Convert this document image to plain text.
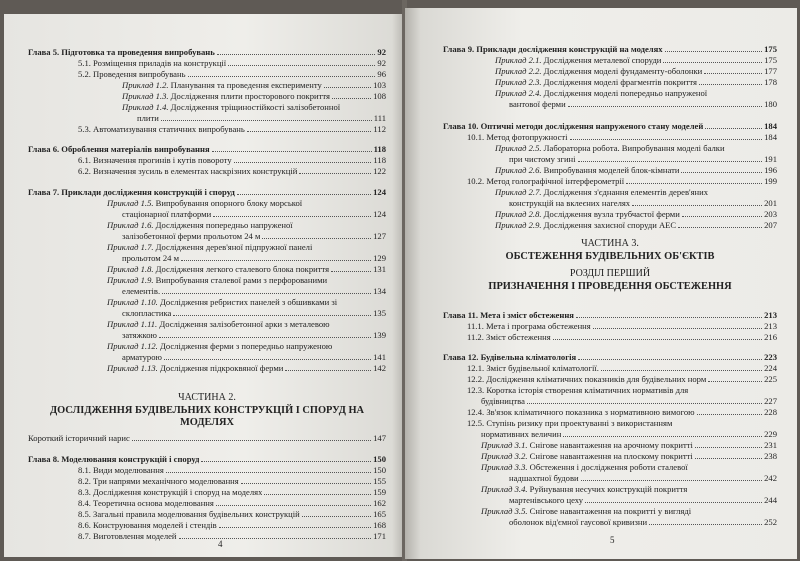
Глава 5. Підготовка та проведення випробувань	92
5.1. Розміщення приладів на конструкції	92
5.2. Проведення випробувань	96
Приклад 1.2. Планування та проведення експерименту	103
Приклад 1.3. Дослідження плити просторового покриття	108
Приклад 1.4. Дослідження тріщиностійкості залізобетонної
плити	111
5.3. Автоматизування статичних випробувань	112
Глава 6. Оброблення матеріалів випробування	118
6.1. Визначення прогинів і кутів повороту	118
6.2. Визначення зусиль в елементах наскрізних конструкцій	122
Глава 7. Приклади дослідження конструкцій і споруд	124
Приклад 1.5. Випробування опорного блоку морської
стаціонарної платформи	124
Приклад 1.6. Дослідження попередньо напруженої
залізобетонної ферми прольотом 24 м	127
Приклад 1.7. Дослідження дерев'яної підпружної панелі
прольотом 24 м	129
Приклад 1.8. Дослідження легкого сталевого блока покриття	131
Приклад 1.9. Випробування сталевої рами з перфорованими
елементів.	134
Приклад 1.10. Дослідження ребристих панелей з обшивками зі
склопластика	135
Приклад 1.11. Дослідження залізобетонної арки з металевою
затяжкою	139
Приклад 1.12. Дослідження ферми з попередньо напруженою
арматурою	141
Приклад 1.13. Дослідження підкроквяної ферми	142
Короткий історичний нарис	147
Глава 8. Моделювання конструкцій і споруд	150
8.1. Види моделювання	150
8.2. Три напрями механічного моделювання	155
8.3. Дослідження конструкцій і споруд на моделях	159
8.4. Теоретична основа моделювання	162
8.5. Загальні правила моделювання будівельних конструкцій	165
8.6. Конструювання моделей і стендів	168
8.7. Виготовлення моделей	171
ЧАСТИНА 2.
ДОСЛІДЖЕННЯ БУДІВЕЛЬНИХ КОНСТРУКЦІЙ І СПОРУД НА
МОДЕЛЯХ
4
Глава 9. Приклади дослідження конструкцій на моделях	175
Приклад 2.1. Дослідження металевої споруди	175
Приклад 2.2. Дослідження моделі фундаменту-оболонки	177
Приклад 2.3. Дослідження моделі фрагментів покриття	178
Приклад 2.4. Дослідження моделі попередньо напруженої
вантової ферми	180
Глава 10. Оптичні методи дослідження напруженого стану моделей	184
10.1. Метод фотопружності	184
Приклад 2.5. Лабораторна робота. Випробування моделі балки
при чистому згині	191
Приклад 2.6. Випробування моделей блок-кімнати	196
10.2. Метод голографічної інтерферометрії	199
Приклад 2.7. Дослідження з'єднання елементів дерев'яних
конструкцій на вклеєних нагелях	201
Приклад 2.8. Дослідження вузла трубчастої ферми	203
Приклад 2.9. Дослідження захисної споруди АЕС	207
Глава 11. Мета і зміст обстеження	213
11.1. Мета і програма обстеження	213
11.2. Зміст обстеження	216
Глава 12. Будівельна кліматологія	223
12.1. Зміст будівельної кліматології.	224
12.2. Дослідження кліматичних показників для будівельних норм	225
12.3. Коротка історія створення кліматичних нормативів для
будівництва	227
12.4. Зв'язок кліматичного показника з нормативною вимогою	228
12.5. Ступінь ризику при проектуванні з використанням
нормативних величин	229
Приклад 3.1. Снігове навантаження на арочному покритті	231
Приклад 3.2. Снігове навантаження на плоскому покритті	238
Приклад 3.3. Обстеження і дослідження роботи сталевої
надшахтної будови	242
Приклад 3.4. Руйнування несучих конструкцій покриття
мартенівського цеху	244
Приклад 3.5. Снігове навантаження на покритті у вигляді
оболонок від'ємної гаусової кривизни	252
ЧАСТИНА 3.
ОБСТЕЖЕННЯ БУДІВЕЛЬНИХ ОБ'ЄКТІВ
РОЗДІЛ ПЕРШИЙ
ПРИЗНАЧЕННЯ І ПРОВЕДЕННЯ ОБСТЕЖЕННЯ
5
